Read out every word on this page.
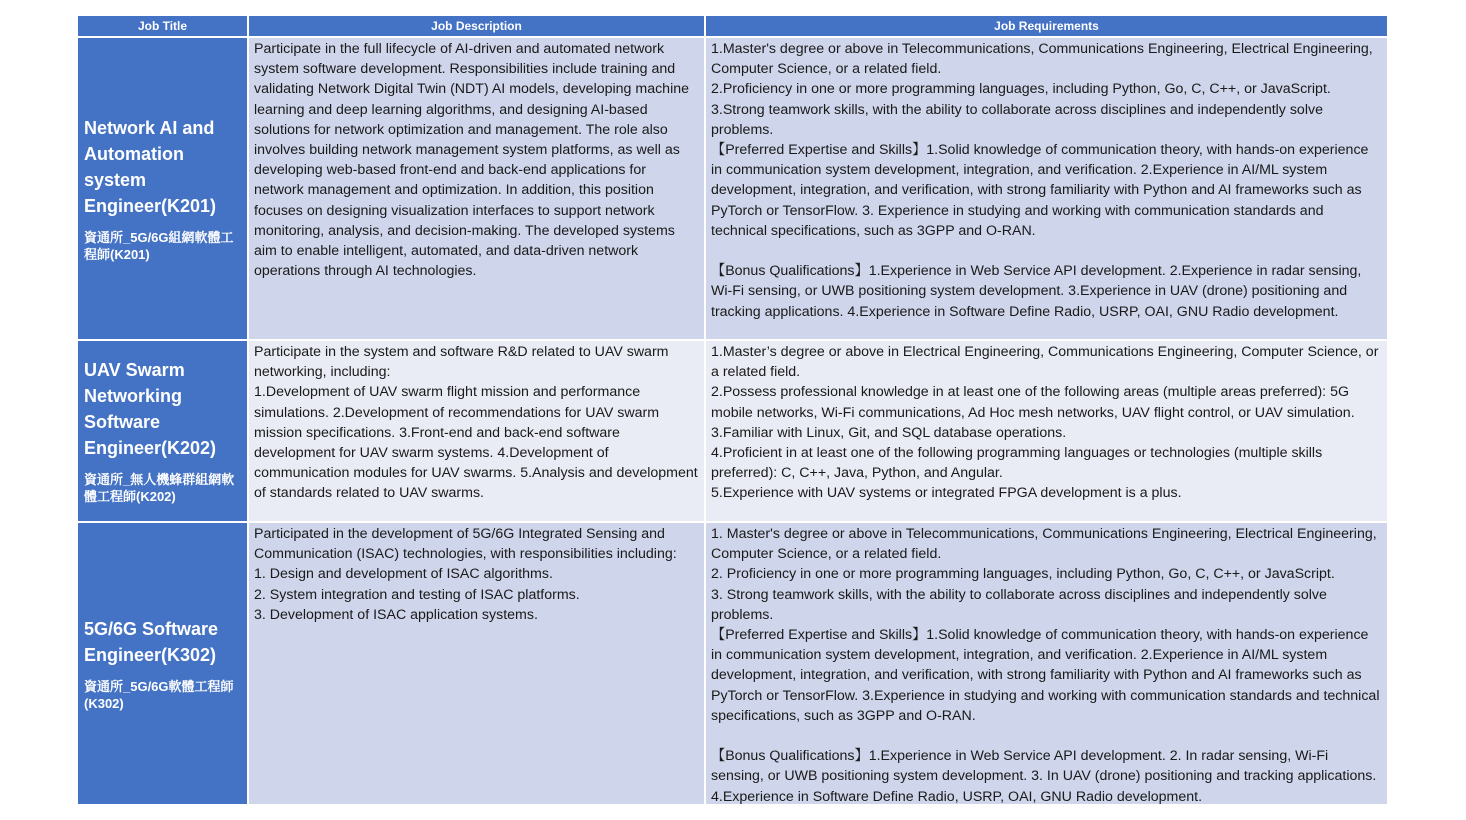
Job Title	Job Description	Job Requirements
Network AI and Automation system Engineer(K201)
資通所_5G/6G組網軟體工程師(K201)

Participate in the full lifecycle of AI-driven and automated network system software development. Responsibilities include training and validating Network Digital Twin (NDT) AI models, developing machine learning and deep learning algorithms, and designing AI-based solutions for network optimization and management. The role also involves building network management system platforms, as well as developing web-based front-end and back-end applications for network management and optimization. In addition, this position focuses on designing visualization interfaces to support network monitoring, analysis, and decision-making. The developed systems aim to enable intelligent, automated, and data-driven network operations through AI technologies.

1.Master's degree or above in Telecommunications, Communications Engineering, Electrical Engineering, Computer Science, or a related field.

2.Proficiency in one or more programming languages, including Python, Go, C, C++, or JavaScript.

3.Strong teamwork skills, with the ability to collaborate across disciplines and independently solve problems.

【Preferred Expertise and Skills】1.Solid knowledge of communication theory, with hands-on experience in communication system development, integration, and verification. 2.Experience in AI/ML system development, integration, and verification, with strong familiarity with Python and AI frameworks such as PyTorch or TensorFlow. 3. Experience in studying and working with communication standards and technical specifications, such as 3GPP and O-RAN.

【Bonus Qualifications】1.Experience in Web Service API development. 2.Experience in radar sensing, Wi-Fi sensing, or UWB positioning system development. 3.Experience in UAV (drone) positioning and tracking applications. 4.Experience in Software Define Radio, USRP, OAI, GNU Radio development.

UAV Swarm Networking Software Engineer(K202)
資通所_無人機蜂群組網軟體工程師(K202)

Participate in the system and software R&D related to UAV swarm networking, including:

1.Development of UAV swarm flight mission and performance simulations. 2.Development of recommendations for UAV swarm mission specifications. 3.Front-end and back-end software development for UAV swarm systems. 4.Development of communication modules for UAV swarms. 5.Analysis and development of standards related to UAV swarms.

1.Master’s degree or above in Electrical Engineering, Communications Engineering, Computer Science, or a related field.

2.Possess professional knowledge in at least one of the following areas (multiple areas preferred): 5G mobile networks, Wi-Fi communications, Ad Hoc mesh networks, UAV flight control, or UAV simulation.

3.Familiar with Linux, Git, and SQL database operations.

4.Proficient in at least one of the following programming languages or technologies (multiple skills preferred): C, C++, Java, Python, and Angular.

5.Experience with UAV systems or integrated FPGA development is a plus.

5G/6G Software Engineer(K302)
資通所_5G/6G軟體工程師(K302)

Participated in the development of 5G/6G Integrated Sensing and Communication (ISAC) technologies, with responsibilities including:

1. Design and development of ISAC algorithms.

2. System integration and testing of ISAC platforms.

3. Development of ISAC application systems.

1. Master's degree or above in Telecommunications, Communications Engineering, Electrical Engineering, Computer Science, or a related field.

2. Proficiency in one or more programming languages, including Python, Go, C, C++, or JavaScript.

3. Strong teamwork skills, with the ability to collaborate across disciplines and independently solve problems.

【Preferred Expertise and Skills】1.Solid knowledge of communication theory, with hands-on experience in communication system development, integration, and verification. 2.Experience in AI/ML system development, integration, and verification, with strong familiarity with Python and AI frameworks such as PyTorch or TensorFlow. 3.Experience in studying and working with communication standards and technical specifications, such as 3GPP and O-RAN.

【Bonus Qualifications】1.Experience in Web Service API development. 2. In radar sensing, Wi-Fi sensing, or UWB positioning system development. 3. In UAV (drone) positioning and tracking applications. 4.Experience in Software Define Radio, USRP, OAI, GNU Radio development.
